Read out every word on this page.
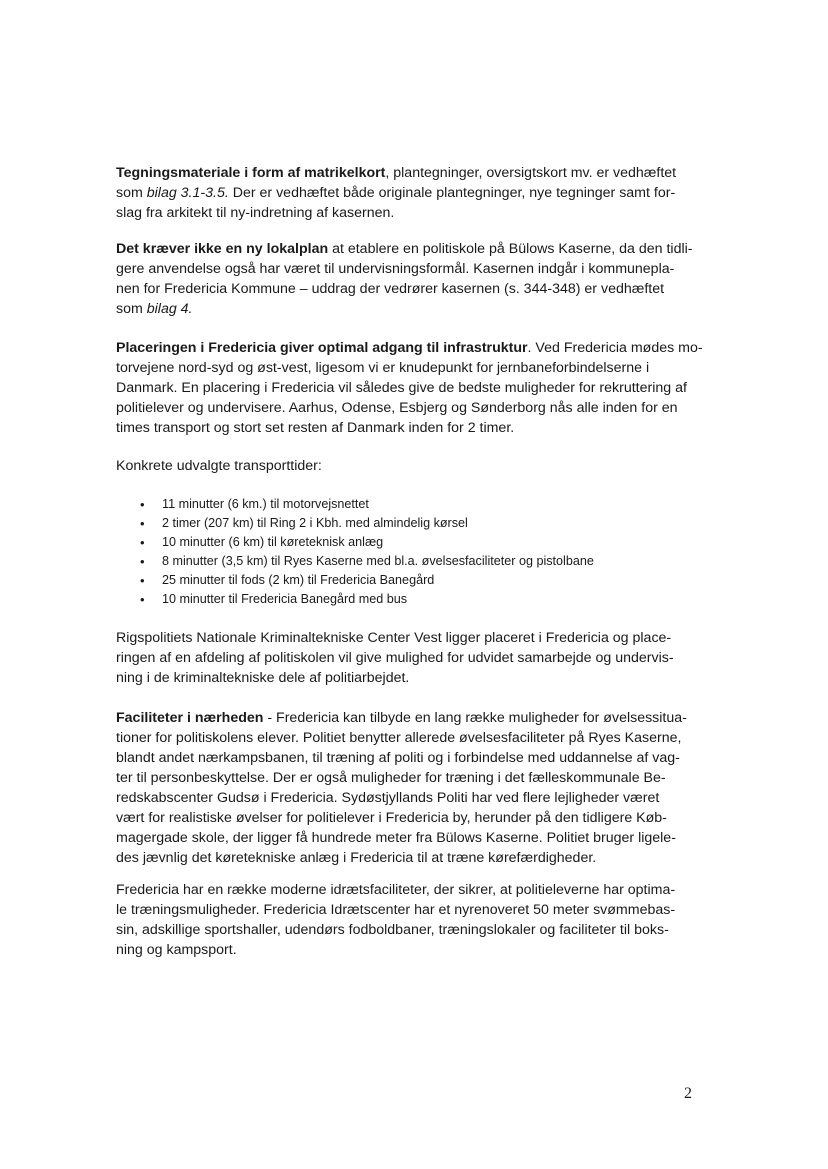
Tegningsmateriale i form af matrikelkort, plantegninger, oversigtskort mv. er vedhæftet
som bilag 3.1-3.5. Der er vedhæftet både originale plantegninger, nye tegninger samt for-
slag fra arkitekt til ny-indretning af kasernen.
Det kræver ikke en ny lokalplan at etablere en politiskole på Bülows Kaserne, da den tidli-
gere anvendelse også har været til undervisningsformål. Kasernen indgår i kommunepla-
nen for Fredericia Kommune – uddrag der vedrører kasernen (s. 344-348) er vedhæftet
som bilag 4.
Placeringen i Fredericia giver optimal adgang til infrastruktur. Ved Fredericia mødes mo-
torvejene nord-syd og øst-vest, ligesom vi er knudepunkt for jernbaneforbindelserne i
Danmark. En placering i Fredericia vil således give de bedste muligheder for rekruttering af
politielever og undervisere. Aarhus, Odense, Esbjerg og Sønderborg nås alle inden for en
times transport og stort set resten af Danmark inden for 2 timer.
Konkrete udvalgte transporttider:
• 11 minutter (6 km.) til motorvejsnettet
• 2 timer (207 km) til Ring 2 i Kbh. med almindelig kørsel
• 10 minutter (6 km) til køreteknisk anlæg
• 8 minutter (3,5 km) til Ryes Kaserne med bl.a. øvelsesfaciliteter og pistolbane
• 25 minutter til fods (2 km) til Fredericia Banegård
• 10 minutter til Fredericia Banegård med bus
Rigspolitiets Nationale Kriminaltekniske Center Vest ligger placeret i Fredericia og place-
ringen af en afdeling af politiskolen vil give mulighed for udvidet samarbejde og undervis-
ning i de kriminaltekniske dele af politiarbejdet.
Faciliteter i nærheden - Fredericia kan tilbyde en lang række muligheder for øvelsessitua-
tioner for politiskolens elever. Politiet benytter allerede øvelsesfaciliteter på Ryes Kaserne,
blandt andet nærkampsbanen, til træning af politi og i forbindelse med uddannelse af vag-
ter til personbeskyttelse. Der er også muligheder for træning i det fælleskommunale Be-
redskabscenter Gudsø i Fredericia. Sydøstjyllands Politi har ved flere lejligheder været
vært for realistiske øvelser for politielever i Fredericia by, herunder på den tidligere Køb-
magergade skole, der ligger få hundrede meter fra Bülows Kaserne. Politiet bruger ligele-
des jævnlig det køretekniske anlæg i Fredericia til at træne kørefærdigheder.
Fredericia har en række moderne idrætsfaciliteter, der sikrer, at politieleverne har optima-
le træningsmuligheder. Fredericia Idrætscenter har et nyrenoveret 50 meter svømmebas-
sin, adskillige sportshaller, udendørs fodboldbaner, træningslokaler og faciliteter til boks-
ning og kampsport.
2
